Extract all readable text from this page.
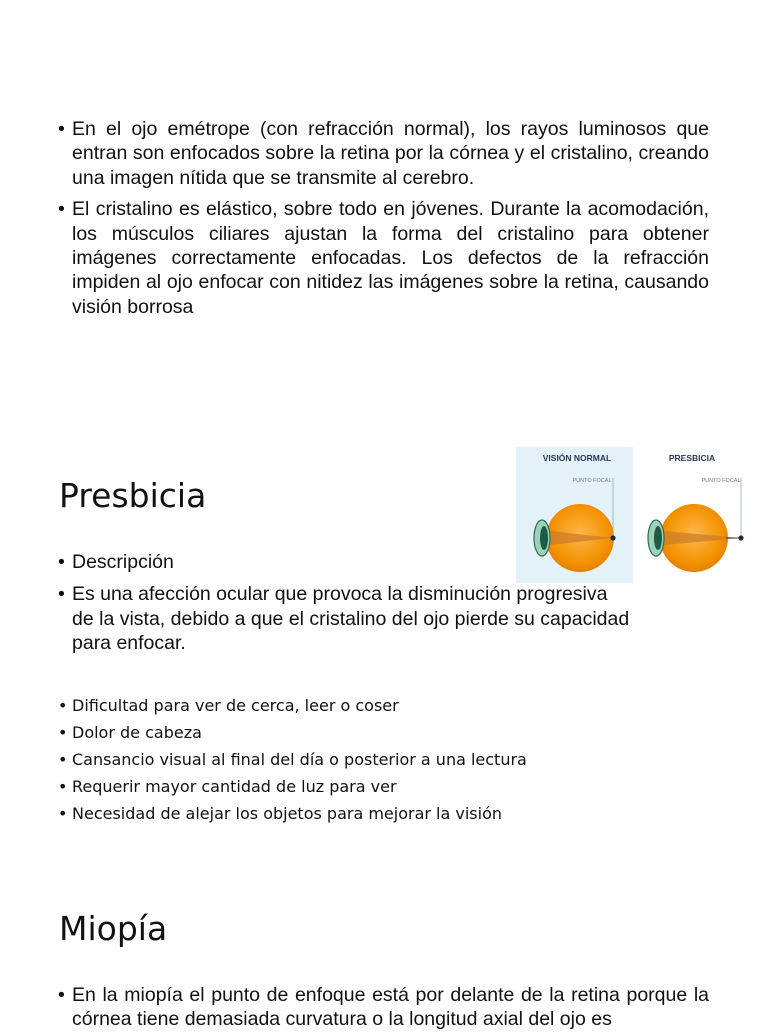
• En el ojo emétrope (con refracción normal), los rayos luminosos que entran son enfocados sobre la retina por la córnea y el cristalino, creando una imagen nítida que se transmite al cerebro.
• El cristalino es elástico, sobre todo en jóvenes. Durante la acomodación, los músculos ciliares ajustan la forma del cristalino para obtener imágenes correctamente enfocadas. Los defectos de la refracción impiden al ojo enfocar con nitidez las imágenes sobre la retina, causando visión borrosa
Presbicia
VISIÓN NORMAL
PUNTO FOCAL
PRESBICIA
PUNTO FOCAL
• Descripción
• Es una afección ocular que provoca la disminución progresiva de la vista, debido a que el cristalino del ojo pierde su capacidad para enfocar.
• Dificultad para ver de cerca, leer o coser
• Dolor de cabeza
• Cansancio visual al final del día o posterior a una lectura
• Requerir mayor cantidad de luz para ver
• Necesidad de alejar los objetos para mejorar la visión
Miopía
• En la miopía el punto de enfoque está por delante de la retina porque la córnea tiene demasiada curvatura o la longitud axial del ojo es
